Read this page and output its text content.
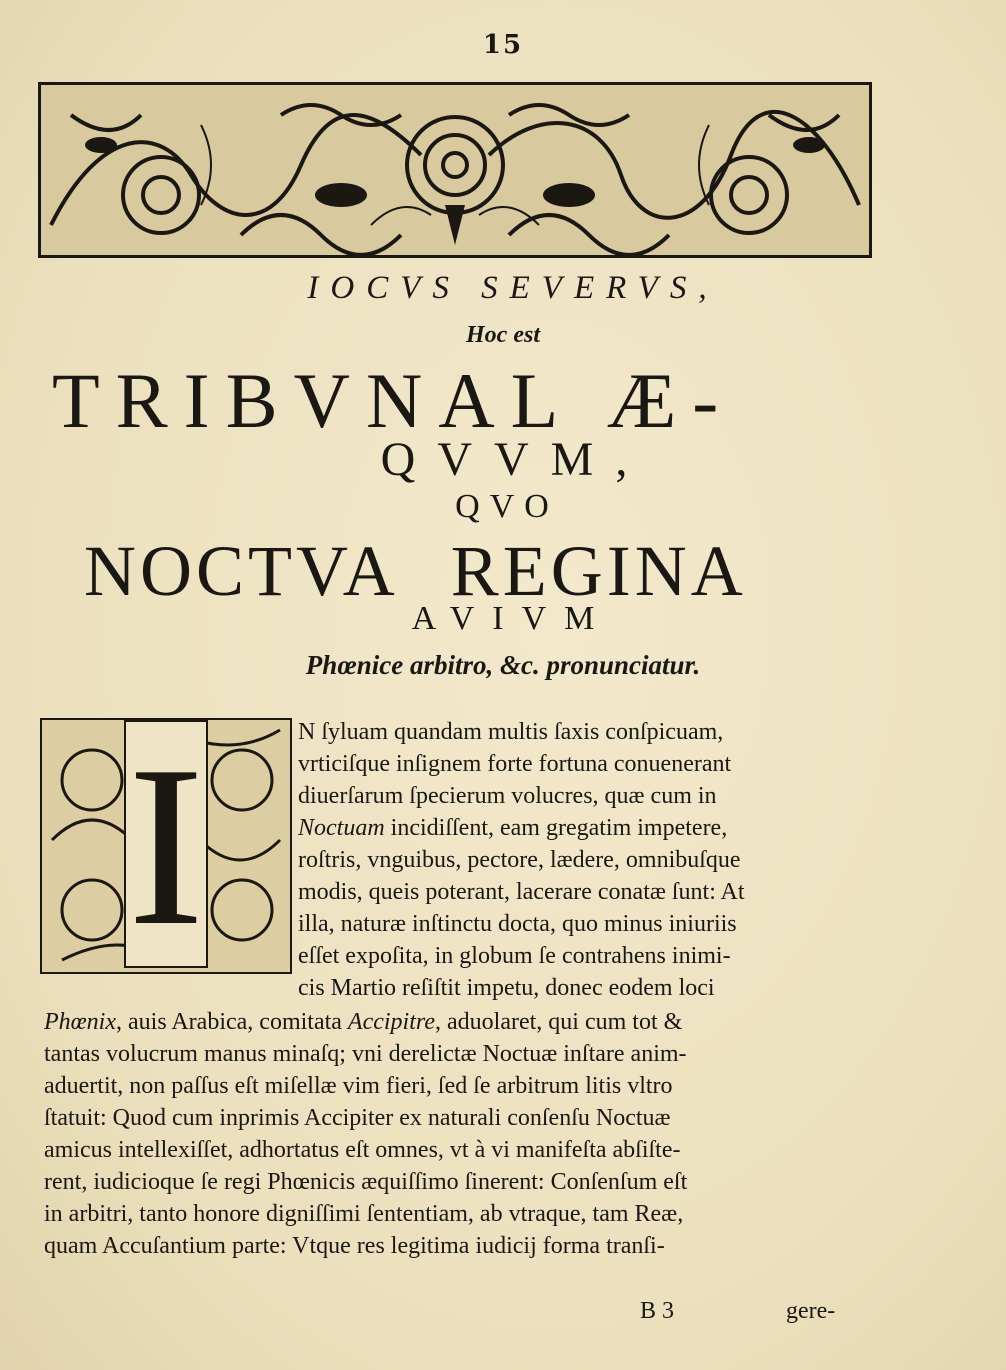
15
IOCVS SEVERVS,
Hoc est
TRIBVNAL Æ-
QVVM,
QVO
NOCTVA REGINA
AVIVM
Phœnice arbitro, &c. pronunciatur.
I	N ſyluam quandam multis ſaxis conſpicuam,
vrticiſque inſignem forte fortuna conuenerant
diuerſarum ſpecierum volucres, quæ cum in
Noctuam incidiſſent, eam gregatim impetere,
roſtris, vnguibus, pectore, lædere, omnibuſque
modis, queis poterant, lacerare conatæ ſunt: At
illa, naturæ inſtinctu docta, quo minus iniuriis
eſſet expoſita, in globum ſe contrahens inimi-
cis Martio reſiſtit impetu, donec eodem loci
Phœnix, auis Arabica, comitata Accipitre, aduolaret, qui cum tot &
tantas volucrum manus minaſq; vni derelictæ Noctuæ inſtare anim-
aduertit, non paſſus eſt miſellæ vim fieri, ſed ſe arbitrum litis vltro
ſtatuit: Quod cum inprimis Accipiter ex naturali conſenſu Noctuæ
amicus intellexiſſet, adhortatus eſt omnes, vt à vi manifeſta abſiſte-
rent, iudicioque ſe regi Phœnicis æquiſſimo ſinerent: Conſenſum eſt
in arbitri, tanto honore digniſſimi ſententiam, ab vtraque, tam Reæ,
quam Accuſantium parte: Vtque res legitima iudicij forma tranſi-
B 3	gere-
